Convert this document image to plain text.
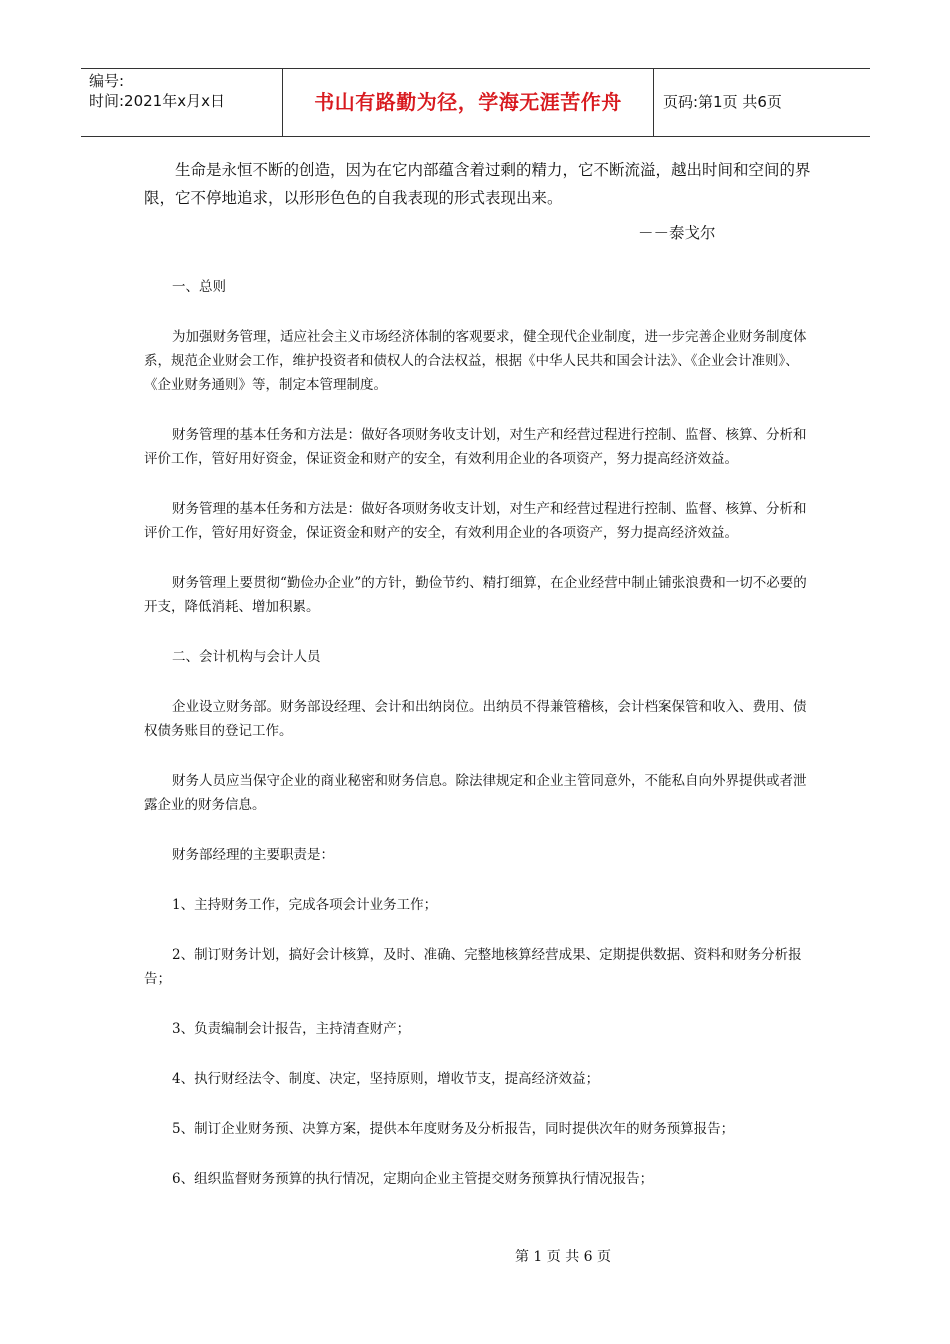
编号:
时间:2021年x月x日	书山有路勤为径，学海无涯苦作舟	页码:第1页 共6页

生命是永恒不断的创造，因为在它内部蕴含着过剩的精力，它不断流溢，越出时间和空间的界限，它不停地追求，以形形色色的自我表现的形式表现出来。

－－泰戈尔

一、总则

为加强财务管理，适应社会主义市场经济体制的客观要求，健全现代企业制度，进一步完善企业财务制度体系，规范企业财会工作，维护投资者和债权人的合法权益，根据《中华人民共和国会计法》、《企业会计准则》、《企业财务通则》等，制定本管理制度。

财务管理的基本任务和方法是：做好各项财务收支计划，对生产和经营过程进行控制、监督、核算、分析和评价工作，管好用好资金，保证资金和财产的安全，有效利用企业的各项资产，努力提高经济效益。

财务管理的基本任务和方法是：做好各项财务收支计划，对生产和经营过程进行控制、监督、核算、分析和评价工作，管好用好资金，保证资金和财产的安全，有效利用企业的各项资产，努力提高经济效益。

财务管理上要贯彻“勤俭办企业”的方针，勤俭节约、精打细算，在企业经营中制止铺张浪费和一切不必要的开支，降低消耗、增加积累。

二、会计机构与会计人员

企业设立财务部。财务部设经理、会计和出纳岗位。出纳员不得兼管稽核，会计档案保管和收入、费用、债权债务账目的登记工作。

财务人员应当保守企业的商业秘密和财务信息。除法律规定和企业主管同意外，不能私自向外界提供或者泄露企业的财务信息。

财务部经理的主要职责是：

1、主持财务工作，完成各项会计业务工作；

2、制订财务计划，搞好会计核算，及时、准确、完整地核算经营成果、定期提供数据、资料和财务分析报告；

3、负责编制会计报告，主持清查财产；

4、执行财经法令、制度、决定，坚持原则，增收节支，提高经济效益；

5、制订企业财务预、决算方案，提供本年度财务及分析报告，同时提供次年的财务预算报告；

6、组织监督财务预算的执行情况，定期向企业主管提交财务预算执行情况报告；

第 1 页 共 6 页
